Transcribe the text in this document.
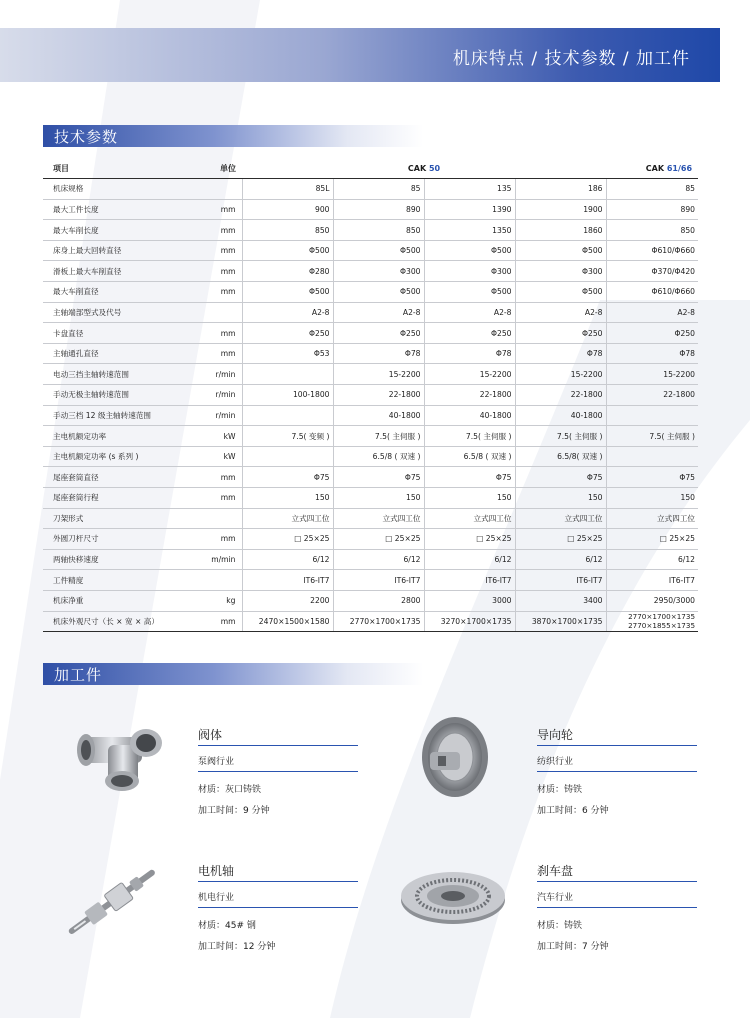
机床特点 / 技术参数 / 加工件
技术参数
项目	单位	CAK 50				CAK 61/66
机床规格		85L	85	135	186	85
最大工件长度	mm	900	890	1390	1900	890
最大车削长度	mm	850	850	1350	1860	850
床身上最大回转直径	mm	Φ500	Φ500	Φ500	Φ500	Φ610/Φ660
滑板上最大车削直径	mm	Φ280	Φ300	Φ300	Φ300	Φ370/Φ420
最大车削直径	mm	Φ500	Φ500	Φ500	Φ500	Φ610/Φ660
主轴端部型式及代号		A2-8	A2-8	A2-8	A2-8	A2-8
卡盘直径	mm	Φ250	Φ250	Φ250	Φ250	Φ250
主轴通孔直径	mm	Φ53	Φ78	Φ78	Φ78	Φ78
电动三挡主轴转速范围	r/min		15-2200	15-2200	15-2200	15-2200
手动无极主轴转速范围	r/min	100-1800	22-1800	22-1800	22-1800	22-1800
手动三档 12 级主轴转速范围	r/min		40-1800	40-1800	40-1800	
主电机额定功率	kW	7.5( 变频 )	7.5( 主伺服 )	7.5( 主伺服 )	7.5( 主伺服 )	7.5( 主伺服 )
主电机额定功率 (s 系列 )	kW		6.5/8 ( 双速 )	6.5/8 ( 双速 )	6.5/8( 双速 )	
尾座套筒直径	mm	Φ75	Φ75	Φ75	Φ75	Φ75
尾座套筒行程	mm	150	150	150	150	150
刀架形式		立式四工位	立式四工位	立式四工位	立式四工位	立式四工位
外圆刀杆尺寸	mm	□ 25×25	□ 25×25	□ 25×25	□ 25×25	□ 25×25
两轴快移速度	m/min	6/12	6/12	6/12	6/12	6/12
工件精度		IT6-IT7	IT6-IT7	IT6-IT7	IT6-IT7	IT6-IT7
机床净重	kg	2200	2800	3000	3400	2950/3000
机床外观尺寸（长 × 宽 × 高）	mm	2470×1500×1580	2770×1700×1735	3270×1700×1735	3870×1700×1735	2770×1700×1735
2770×1855×1735
加工件
阀体
泵阀行业
材质：灰口铸铁
加工时间：9 分钟
导向轮
纺织行业
材质：铸铁
加工时间：6 分钟
电机轴
机电行业
材质：45# 钢
加工时间：12 分钟
刹车盘
汽车行业
材质：铸铁
加工时间：7 分钟
